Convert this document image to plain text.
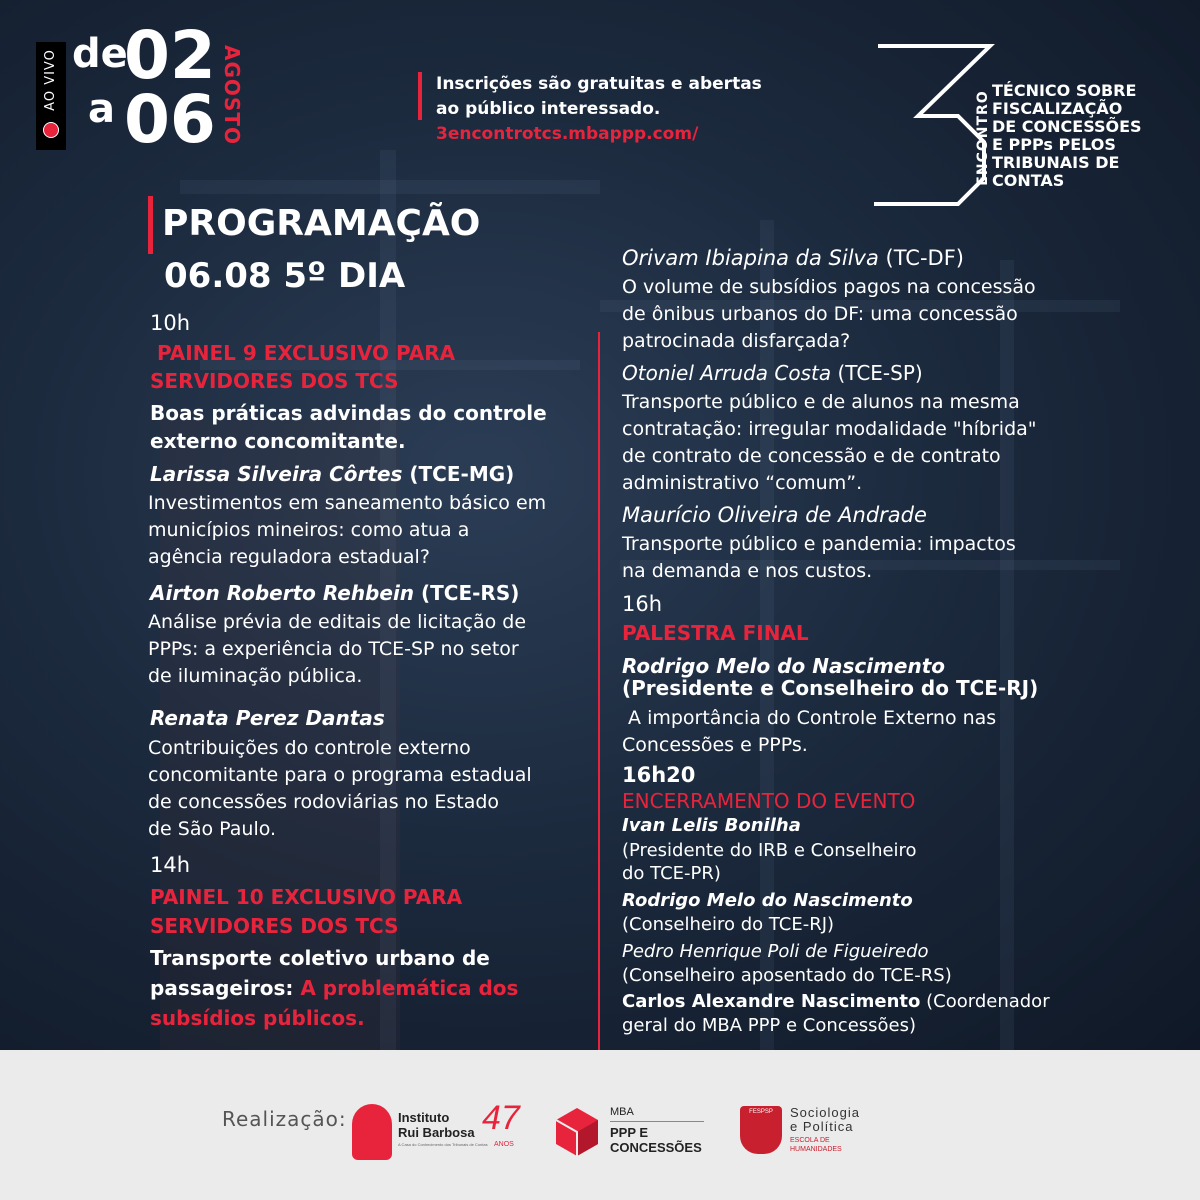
AO VIVO de
a
02
06 AGOSTO	Inscrições são gratuitas e abertas
ao público interessado.
3encontrotcs.mbappp.com/	ENCONTRO TÉCNICO SOBRE
FISCALIZAÇÃO
DE CONCESSÕES
E PPPs PELOS
TRIBUNAIS DE
CONTAS
PROGRAMAÇÃO
06.08 5º DIA
10h
PAINEL 9 EXCLUSIVO PARA
SERVIDORES DOS TCS
Boas práticas advindas do controle
externo concomitante.
Larissa Silveira Côrtes (TCE-MG)
Investimentos em saneamento básico em
municípios mineiros: como atua a
agência reguladora estadual?
Airton Roberto Rehbein (TCE-RS)
Análise prévia de editais de licitação de
PPPs: a experiência do TCE-SP no setor
de iluminação pública.
Renata Perez Dantas
Contribuições do controle externo
concomitante para o programa estadual
de concessões rodoviárias no Estado
de São Paulo.
14h
PAINEL 10 EXCLUSIVO PARA
SERVIDORES DOS TCS
Transporte coletivo urbano de
passageiros: A problemática dos
subsídios públicos.
Orivam Ibiapina da Silva (TC-DF)
O volume de subsídios pagos na concessão
de ônibus urbanos do DF: uma concessão
patrocinada disfarçada?
Otoniel Arruda Costa (TCE-SP)
Transporte público e de alunos na mesma
contratação: irregular modalidade "híbrida"
de contrato de concessão e de contrato
administrativo “comum”.
Maurício Oliveira de Andrade
Transporte público e pandemia: impactos
na demanda e nos custos.
16h
PALESTRA FINAL
Rodrigo Melo do Nascimento
(Presidente e Conselheiro do TCE-RJ)
A importância do Controle Externo nas
Concessões e PPPs.
16h20
ENCERRAMENTO DO EVENTO
Ivan Lelis Bonilha
(Presidente do IRB e Conselheiro
do TCE-PR)
Rodrigo Melo do Nascimento
(Conselheiro do TCE-RJ)
Pedro Henrique Poli de Figueiredo
(Conselheiro aposentado do TCE-RS)
Carlos Alexandre Nascimento (Coordenador
geral do MBA PPP e Concessões)
Realização:	Instituto
Rui Barbosa
A Casa do Conhecimento dos Tribunais de Contas
47
ANOS
MBA
PPP E
CONCESSÕES
FESPSP	Sociologia
e Política
ESCOLA DE
HUMANIDADES
